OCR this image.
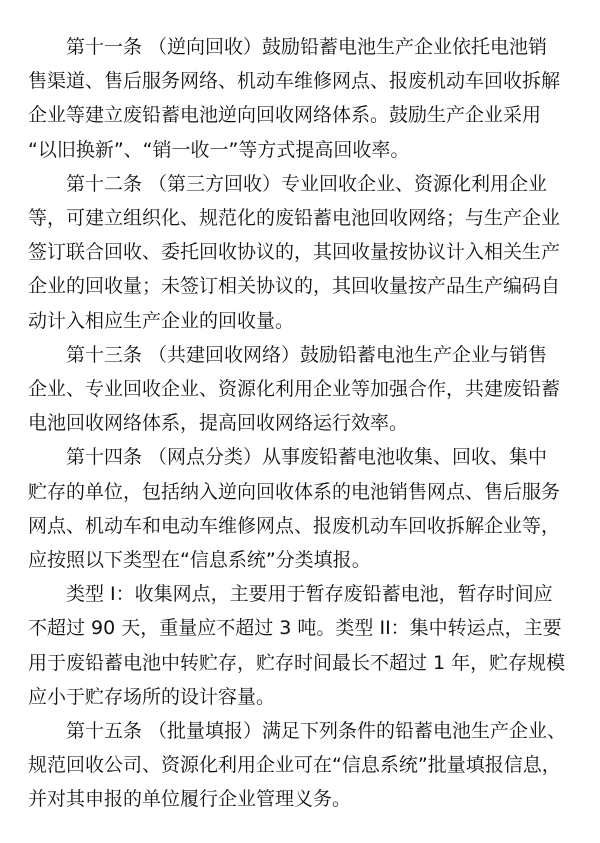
第十一条 （逆向回收）鼓励铅蓄电池生产企业依托电池销
售渠道、售后服务网络、机动车维修网点、报废机动车回收拆解
企业等建立废铅蓄电池逆向回收网络体系。鼓励生产企业采用
“以旧换新”、“销一收一”等方式提高回收率。

第十二条 （第三方回收）专业回收企业、资源化利用企业
等，可建立组织化、规范化的废铅蓄电池回收网络；与生产企业
签订联合回收、委托回收协议的，其回收量按协议计入相关生产
企业的回收量；未签订相关协议的，其回收量按产品生产编码自
动计入相应生产企业的回收量。

第十三条 （共建回收网络）鼓励铅蓄电池生产企业与销售
企业、专业回收企业、资源化利用企业等加强合作，共建废铅蓄
电池回收网络体系，提高回收网络运行效率。

第十四条 （网点分类）从事废铅蓄电池收集、回收、集中
贮存的单位，包括纳入逆向回收体系的电池销售网点、售后服务
网点、机动车和电动车维修网点、报废机动车回收拆解企业等，
应按照以下类型在“信息系统”分类填报。

类型 I：收集网点，主要用于暂存废铅蓄电池，暂存时间应
不超过 90 天，重量应不超过 3 吨。类型 II：集中转运点，主要
用于废铅蓄电池中转贮存，贮存时间最长不超过 1 年，贮存规模
应小于贮存场所的设计容量。

第十五条 （批量填报）满足下列条件的铅蓄电池生产企业、
规范回收公司、资源化利用企业可在“信息系统”批量填报信息，
并对其申报的单位履行企业管理义务。
